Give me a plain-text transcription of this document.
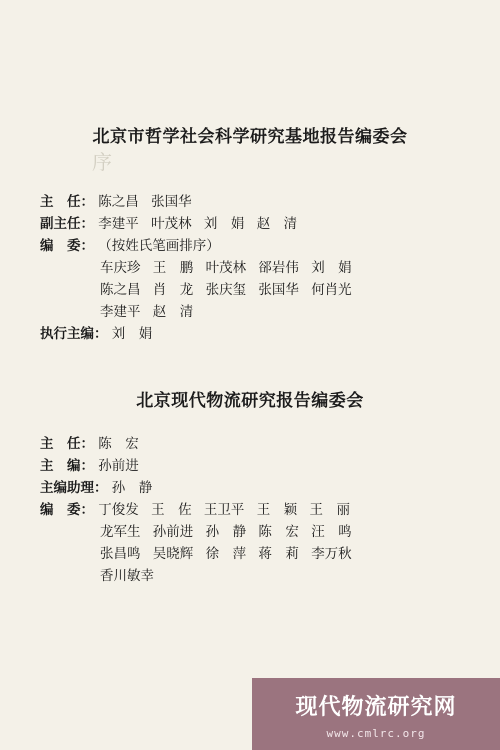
序
北京市哲学社会科学研究基地报告编委会
主　任： 陈之昌 张国华
副主任： 李建平 叶茂林 刘　娟 赵　清
编　委： （按姓氏笔画排序）
车庆珍 王　鹏 叶茂林 郤岩伟 刘　娟
陈之昌 肖　龙 张庆玺 张国华 何肖光
李建平 赵　清
执行主编： 刘　娟
北京现代物流研究报告编委会
主　任： 陈　宏
主　编： 孙前进
主编助理： 孙　静
编　委： 丁俊发 王　佐 王卫平 王　颖 王　丽
龙军生 孙前进 孙　静 陈　宏 汪　鸣
张昌鸣 吴晓辉 徐　萍 蒋　莉 李万秋
香川敏幸
现代物流研究网
www.cmlrc.org
